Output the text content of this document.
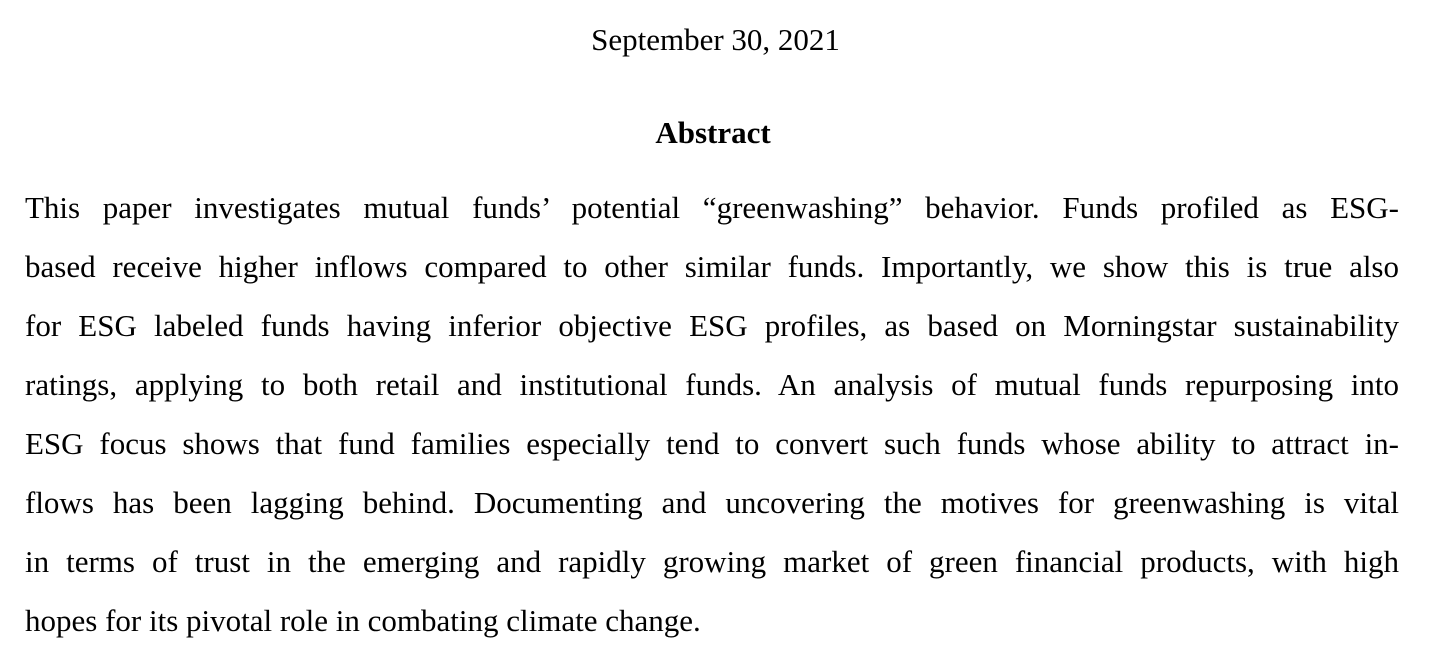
September 30, 2021
Abstract
This paper investigates mutual funds’ potential “greenwashing” behavior. Funds profiled as ESG-
based receive higher inflows compared to other similar funds. Importantly, we show this is true also
for ESG labeled funds having inferior objective ESG profiles, as based on Morningstar sustainability
ratings, applying to both retail and institutional funds. An analysis of mutual funds repurposing into
ESG focus shows that fund families especially tend to convert such funds whose ability to attract in-
flows has been lagging behind. Documenting and uncovering the motives for greenwashing is vital
in terms of trust in the emerging and rapidly growing market of green financial products, with high
hopes for its pivotal role in combating climate change.
